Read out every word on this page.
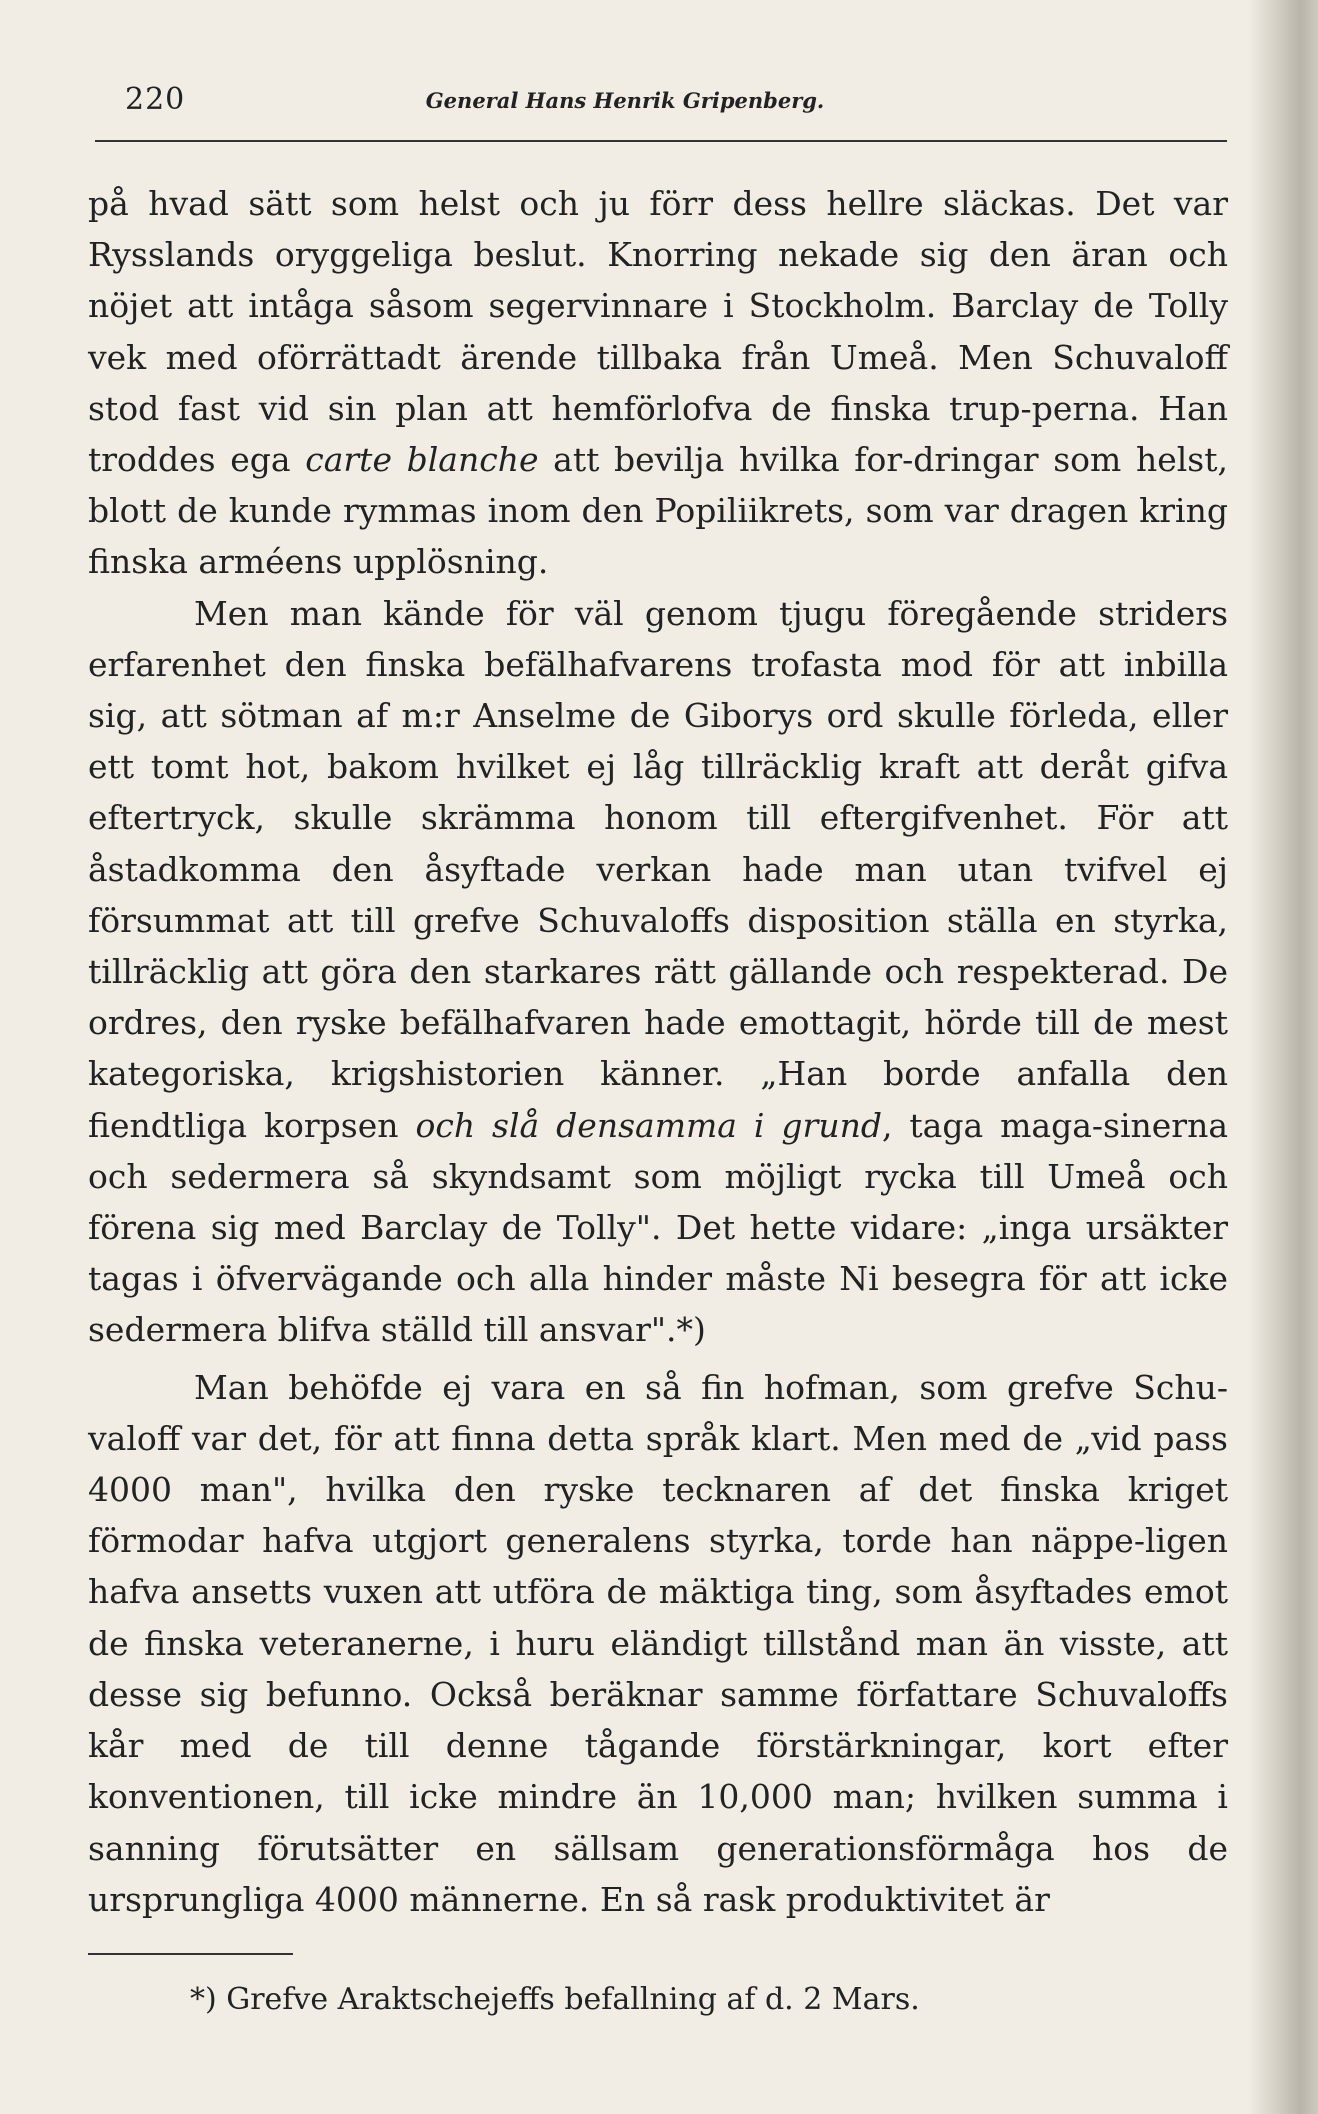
220	General Hans Henrik Gripenberg.

på hvad sätt som helst och ju förr dess hellre släckas. Det var Rysslands oryggeliga beslut. Knorring nekade sig den äran och nöjet att intåga såsom segervinnare i Stockholm. Barclay de Tolly vek med oförrättadt ärende tillbaka från Umeå. Men Schuvaloff stod fast vid sin plan att hemförlofva de finska trup-perna. Han troddes ega carte blanche att bevilja hvilka for-dringar som helst, blott de kunde rymmas inom den Popiliikrets, som var dragen kring finska arméens upplösning.

Men man kände för väl genom tjugu föregående striders erfarenhet den finska befälhafvarens trofasta mod för att inbilla sig, att sötman af m:r Anselme de Giborys ord skulle förleda, eller ett tomt hot, bakom hvilket ej låg tillräcklig kraft att deråt gifva eftertryck, skulle skrämma honom till eftergifvenhet. För att åstadkomma den åsyftade verkan hade man utan tvifvel ej försummat att till grefve Schuvaloffs disposition ställa en styrka, tillräcklig att göra den starkares rätt gällande och respekterad. De ordres, den ryske befälhafvaren hade emottagit, hörde till de mest kategoriska, krigshistorien känner. „Han borde anfalla den fiendtliga korpsen och slå densamma i grund, taga maga-sinerna och sedermera så skyndsamt som möjligt rycka till Umeå och förena sig med Barclay de Tolly". Det hette vidare: „inga ursäkter tagas i öfvervägande och alla hinder måste Ni besegra för att icke sedermera blifva ställd till ansvar".*)

Man behöfde ej vara en så fin hofman, som grefve Schu-valoff var det, för att finna detta språk klart. Men med de „vid pass 4000 man", hvilka den ryske tecknaren af det finska kriget förmodar hafva utgjort generalens styrka, torde han näppe-ligen hafva ansetts vuxen att utföra de mäktiga ting, som åsyftades emot de finska veteranerne, i huru eländigt tillstånd man än visste, att desse sig befunno. Också beräknar samme författare Schuvaloffs kår med de till denne tågande förstärkningar, kort efter konventionen, till icke mindre än 10,000 man; hvilken summa i sanning förutsätter en sällsam generationsförmåga hos de ursprungliga 4000 männerne. En så rask produktivitet är

*) Grefve Araktschejeffs befallning af d. 2 Mars.
